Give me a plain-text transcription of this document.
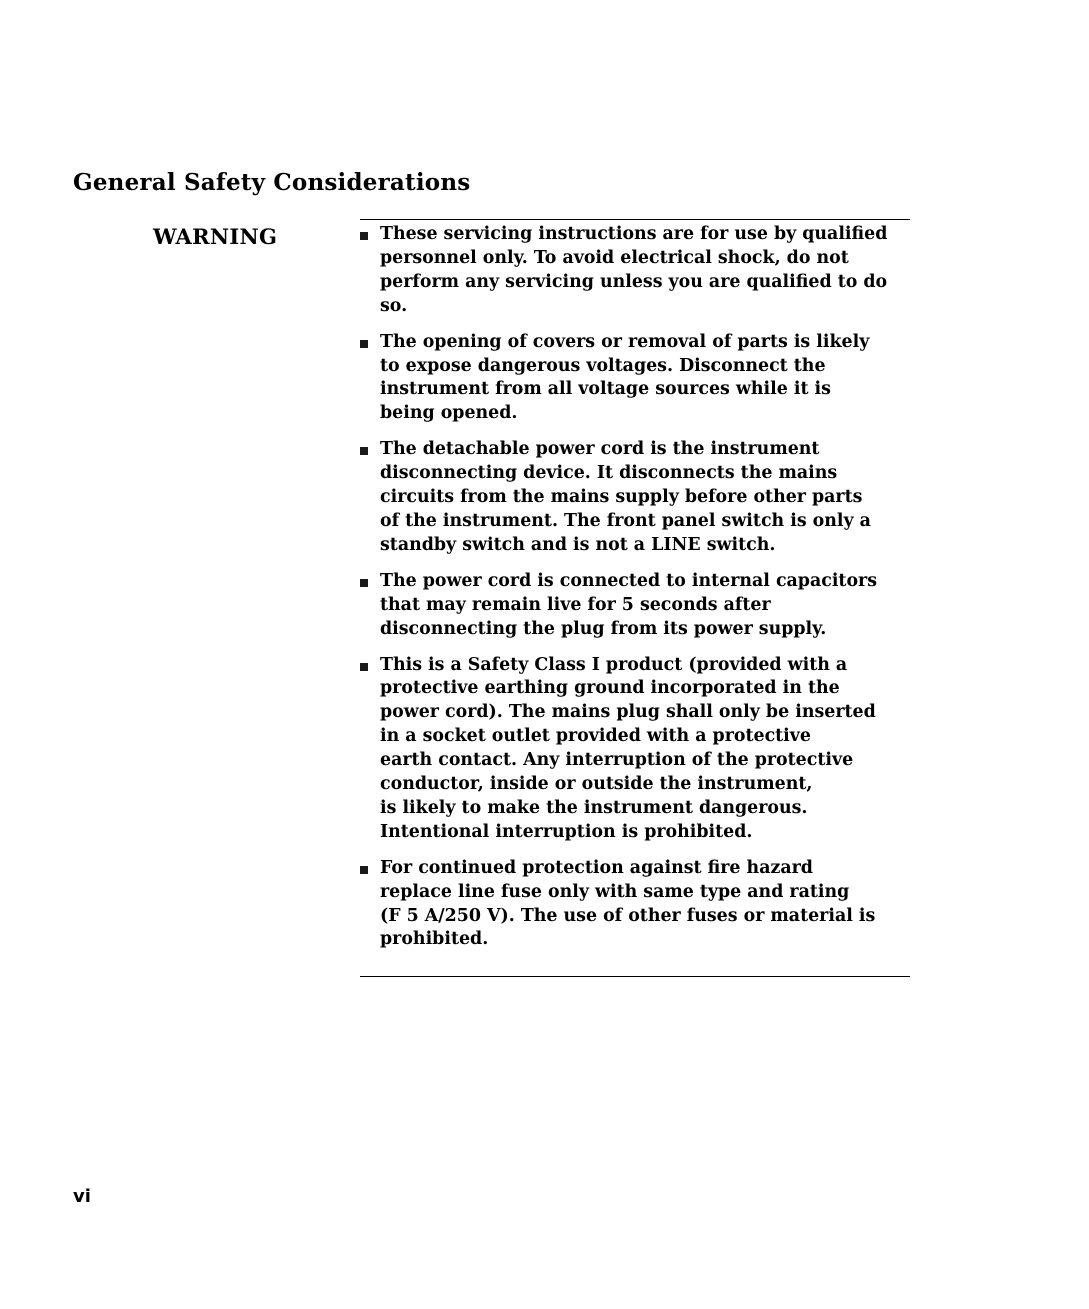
General Safety Considerations
WARNING	These servicing instructions are for use by qualified
personnel only. To avoid electrical shock, do not
perform any servicing unless you are qualified to do
so.
The opening of covers or removal of parts is likely
to expose dangerous voltages. Disconnect the
instrument from all voltage sources while it is
being opened.
The detachable power cord is the instrument
disconnecting device. It disconnects the mains
circuits from the mains supply before other parts
of the instrument. The front panel switch is only a
standby switch and is not a LINE switch.
The power cord is connected to internal capacitors
that may remain live for 5 seconds after
disconnecting the plug from its power supply.
This is a Safety Class I product (provided with a
protective earthing ground incorporated in the
power cord). The mains plug shall only be inserted
in a socket outlet provided with a protective
earth contact. Any interruption of the protective
conductor, inside or outside the instrument,
is likely to make the instrument dangerous.
Intentional interruption is prohibited.
For continued protection against fire hazard
replace line fuse only with same type and rating
(F 5 A/250 V). The use of other fuses or material is
prohibited.
vi
